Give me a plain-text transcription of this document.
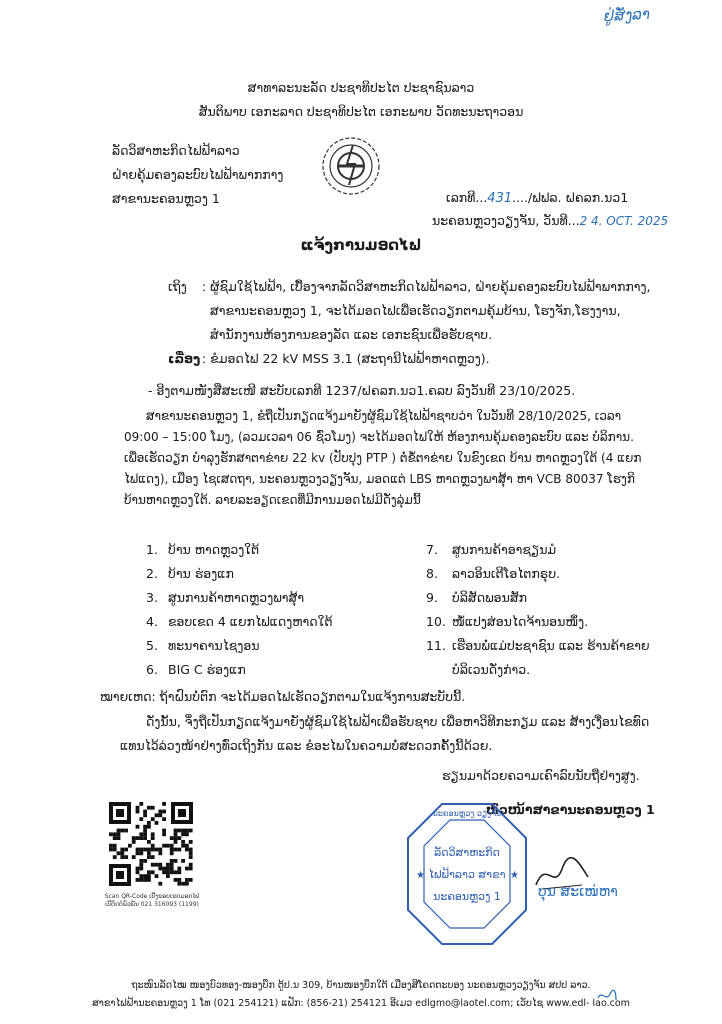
ຢູ່ສັ່ງລາ
ສາທາລະນະລັດ ປະຊາທິປະໄຕ ປະຊາຊົນລາວ
ສັນຕິພາບ ເອກະລາດ ປະຊາທິປະໄຕ ເອກະພາບ ວັດທະນະຖາວອນ
ລັດວິສາຫະກິດໄຟຟ້າລາວ
ຝ່າຍຄຸ້ມຄອງລະບົບໄຟຟ້າພາກກາງ
ສາຂານະຄອນຫຼວງ 1	ເລກທີ...431..../ຟຟລ. ຝຄລກ.ນວ1
ນະຄອນຫຼວງວຽງຈັນ, ວັນທີ...2 4. OCT. 2025
ແຈ້ງການມອດໄຟ
ເຖິງ : ຜູ້ຊົມໃຊ້ໄຟຟ້າ, ເບື້ອງຈາກລັດວິສາຫະກິດໄຟຟ້າລາວ, ຝ່າຍຄຸ້ມຄອງລະບົບໄຟຟ້າພາກກາງ,
ສາຂານະຄອນຫຼວງ 1, ຈະໄດ້ມອດໄຟເພື່ອເຮັດວຽກຕາມຄຸ້ມບ້ານ, ໂຮງຈັກ,ໂຮງງານ,
ສຳນັກງານຫ້ອງການຂອງລັດ ແລະ ເອກະຊົນເພື່ອຮັບຊາບ.
ເລື່ອງ : ຂໍມອດໄຟ 22 kV MSS 3.1 (ສະຖານີໄຟຟ້າຫາດຫຼວງ).
- ອີງຕາມໜັງສືສະເໜີ ສະບັບເລກທີ 1237/ຝຄລກ.ນວ1.ຄລບ ລົງວັນທີ 23/10/2025.
ສາຂານະຄອນຫຼວງ 1, ຂໍຖືເປັນກຽດແຈ້ງມາຍັງຜູ້ຊົມໃຊ້ໄຟຟ້າຊາບວ່າ ໃນວັນທີ 28/10/2025, ເວລາ
09:00 – 15:00 ໂມງ, (ລວມເວລາ 06 ຊົ່ວໂມງ) ຈະໄດ້ມອດໄຟໃຫ້ ຫ້ອງການຄຸ້ມຄອງລະບົບ ແລະ ບໍລິການ.
ເພື່ອເຮັດວຽກ ບຳລຸງຮັກສາຕາຂ່າຍ 22 kv (ປັບປຸງ PTP ) ຕໍ່ຂໍ້ຕາຂ່າຍ ໃນຂົງເຂດ ບ້ານ ຫາດຫຼວງໃຕ້ (4 ແຍກ
ໄຟແດງ), ເມືອງ ໄຊເສດຖາ, ນະຄອນຫຼວງວຽງຈັນ, ມອດແຕ່ LBS ຫາດຫຼວງພາສຸ້າ ຫາ VCB 80037 ໂຮງກິ
ບ້ານຫາດຫຼວງໃຕ້. ລາຍລະອຽດເຂດທີ່ມີການມອດໄຟມີດັ່ງລຸ່ມນີ້
1. ບ້ານ ຫາດຫຼວງໃຕ້
2. ບ້ານ ຮ່ອງແກ
3. ສູນການຄ້າຫາດຫຼວງພາສຸ້າ
4. ຂອບເຂດ 4 ແຍກໄຟແດງຫາດໃຕ້
5. ທະນາຄານໄຊງອນ
6. BIG C ຮ່ອງແກ
7.	ສູນການຄ້າອາຊຽນມໍ
8.	ລາວອິນເຕີໂອໄຕກຣຸບ.
9.	ບໍລິສັດພອນສັກ
10. ໜໍ້ແປງສ່ອນໄດຈ້ານອນໜຶ່ງ.
11. ເຮືອນພໍ່ແມ່ປະຊາຊົນ ແລະ ຮ້ານຄ້າຂາຍ
ບໍລິເວນດັ່ງກ່າວ.
ໝາຍເຫດ: ຖ້າຝົນບໍ່ຕົກ ຈະໄດ້ມອດໄຟເຮັດວຽກຕາມໃນແຈ້ງການສະບັບນີ້.
ດັ່ງນັ້ນ, ຈຶ່ງຖືເປັນກຽດແຈ້ງມາຍັງຜູ້ຊົມໃຊ້ໄຟຟ້າເພື່ອຮັບຊາບ ເພື່ອຫາວິທີກະກຽມ ແລະ ສ້າງເງື່ອນໄຂທົດ
ແທນໄວ້ລ່ວງໜ້າຢ່າງທົ່ວເຖິງກັນ ແລະ ຂໍອະໄພໃນຄວາມບໍ່ສະດວກຄັ້ງນີ້ດ້ວຍ.
ຮຽນມາດ້ວຍຄວາມເຄົາລົບນັບຖືຢ່າງສູງ.
ຫົວໜ້າສາຂານະຄອນຫຼວງ 1
Scan QR-Code ເບີ່ງຂອບເຂດມອດໄຟ
ເບີຕິດຕໍ່ພົວພັນ 021 316093 (1199)
ນະຄອນຫຼວງ ວຽງຈັນ
ລັດວິສາຫະກິດ
ໄຟຟ້າລາວ ສາຂາ
ນະຄອນຫຼວງ 1
★	★
ບຸນ ສະເໜ່ຫາ
ຖະໜົນລັດໄໝ ໜອງບົວທອງ-ໜອງບຶກ ຕູ້ປ.ນ 309, ບ້ານໜອງບຶກໃຕ້ ເມືອງສີໂຄດຕະບອງ ນະຄອນຫຼວງວຽງຈັນ ສປປ ລາວ.
ສາຂາໄຟຟ້ານະຄອນຫຼວງ 1 ໂທ (021 254121) ແຟັກ: (856-21) 254121 ອີເມວ edlgmo@laotel.com; ເວັບໄຊ www.edl- lao.com
